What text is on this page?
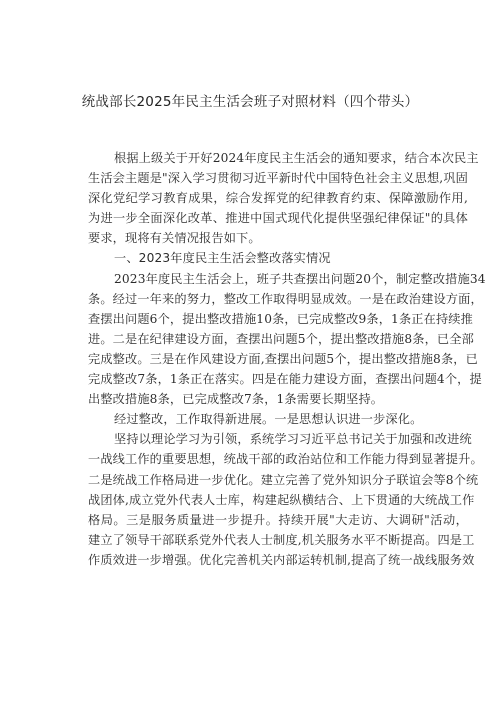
统战部长2025年民主生活会班子对照材料（四个带头）
根据上级关于开好2024年度民主生活会的通知要求，结合本次民主
生活会主题是"深入学习贯彻习近平新时代中国特色社会主义思想,巩固
深化党纪学习教育成果，综合发挥党的纪律教育约束、保障激励作用,
为进一步全面深化改革、推进中国式现代化提供坚强纪律保证"的具体
要求，现将有关情况报告如下。
一、2023年度民主生活会整改落实情况
2023年度民主生活会上，班子共查摆出问题20个，制定整改措施34
条。经过一年来的努力，整改工作取得明显成效。一是在政治建设方面，
查摆出问题6个，提出整改措施10条，已完成整改9条，1条正在持续推
进。二是在纪律建设方面，查摆出问题5个，提出整改措施8条，已全部
完成整改。三是在作风建设方面,查摆出问题5个，提出整改措施8条，已
完成整改7条，1条正在落实。四是在能力建设方面，查摆出问题4个，提
出整改措施8条，已完成整改7条，1条需要长期坚持。
经过整改，工作取得新进展。一是思想认识进一步深化。
坚持以理论学习为引领，系统学习习近平总书记关于加强和改进统
一战线工作的重要思想，统战干部的政治站位和工作能力得到显著提升。
二是统战工作格局进一步优化。建立完善了党外知识分子联谊会等8个统
战团体,成立党外代表人士库，构建起纵横结合、上下贯通的大统战工作
格局。三是服务质量进一步提升。持续开展"大走访、大调研"活动，
建立了领导干部联系党外代表人士制度,机关服务水平不断提高。四是工
作质效进一步增强。优化完善机关内部运转机制,提高了统一战线服务效
